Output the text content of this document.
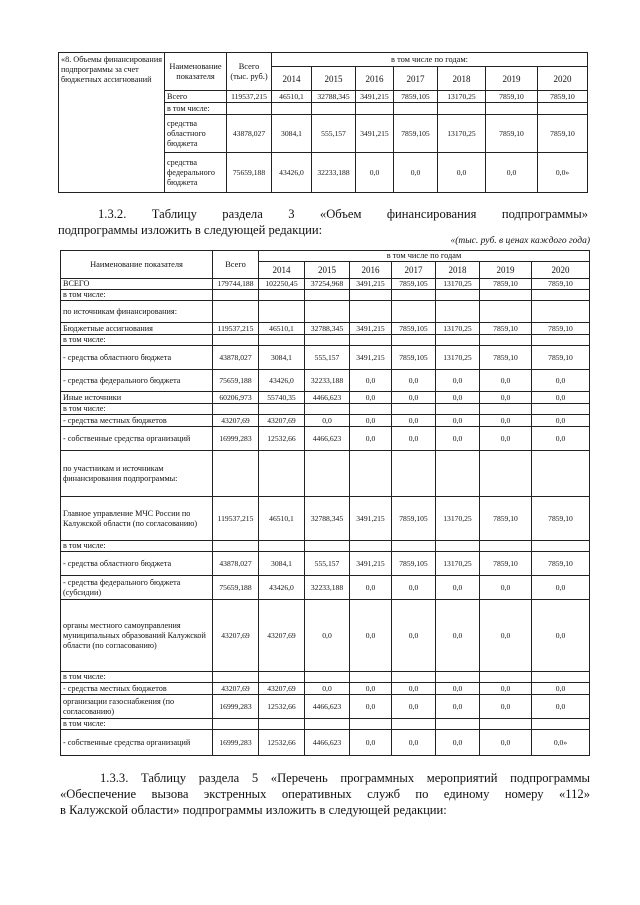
«8. Объемы финансирования подпрограммы за счет бюджетных ассигнований	Наименование показателя	Всего (тыс. руб.)	в том числе по годам:						
			2014	2015	2016	2017	2018	2019	2020
	Всего	119537,215	46510,1	32788,345	3491,215	7859,105	13170,25	7859,10	7859,10
	в том числе:								
	средства областного бюджета	43878,027	3084,1	555,157	3491,215	7859,105	13170,25	7859,10	7859,10
	средства федерального бюджета	75659,188	43426,0	32233,188	0,0	0,0	0,0	0,0	0,0»
1.3.2. Таблицу раздела 3 «Объем финансирования подпрограммы»
подпрограммы изложить в следующей редакции:
«(тыс. руб. в ценах каждого года)
Наименование показателя	Всего	в том числе по годам						
		2014	2015	2016	2017	2018	2019	2020
ВСЕГО	179744,188	102250,45	37254,968	3491,215	7859,105	13170,25	7859,10	7859,10
в том числе:								
по источникам финансирования:								
Бюджетные ассигнования	119537,215	46510,1	32788,345	3491,215	7859,105	13170,25	7859,10	7859,10
в том числе:								
- средства областного бюджета	43878,027	3084,1	555,157	3491,215	7859,105	13170,25	7859,10	7859,10
- средства федерального бюджета	75659,188	43426,0	32233,188	0,0	0,0	0,0	0,0	0,0
Иные источники	60206,973	55740,35	4466,623	0,0	0,0	0,0	0,0	0,0
в том числе:								
- средства местных бюджетов	43207,69	43207,69	0,0	0,0	0,0	0,0	0,0	0,0
- собственные средства организаций	16999,283	12532,66	4466,623	0,0	0,0	0,0	0,0	0,0
по участникам и источникам финансирования подпрограммы:								
Главное управление МЧС России по Калужской области (по согласованию)	119537,215	46510,1	32788,345	3491,215	7859,105	13170,25	7859,10	7859,10
в том числе:								
- средства областного бюджета	43878,027	3084,1	555,157	3491,215	7859,105	13170,25	7859,10	7859,10
- средства федерального бюджета (субсидии)	75659,188	43426,0	32233,188	0,0	0,0	0,0	0,0	0,0
органы местного самоуправления муниципальных образований Калужской области (по согласованию)	43207,69	43207,69	0,0	0,0	0,0	0,0	0,0	0,0
в том числе:								
- средства местных бюджетов	43207,69	43207,69	0,0	0,0	0,0	0,0	0,0	0,0
организации газоснабжения (по согласованию)	16999,283	12532,66	4466,623	0,0	0,0	0,0	0,0	0,0
в том числе:								
- собственные средства организаций	16999,283	12532,66	4466,623	0,0	0,0	0,0	0,0	0,0»
1.3.3. Таблицу раздела 5 «Перечень программных мероприятий подпрограммы
«Обеспечение вызова экстренных оперативных служб по единому номеру «112»
в Калужской области» подпрограммы изложить в следующей редакции:
